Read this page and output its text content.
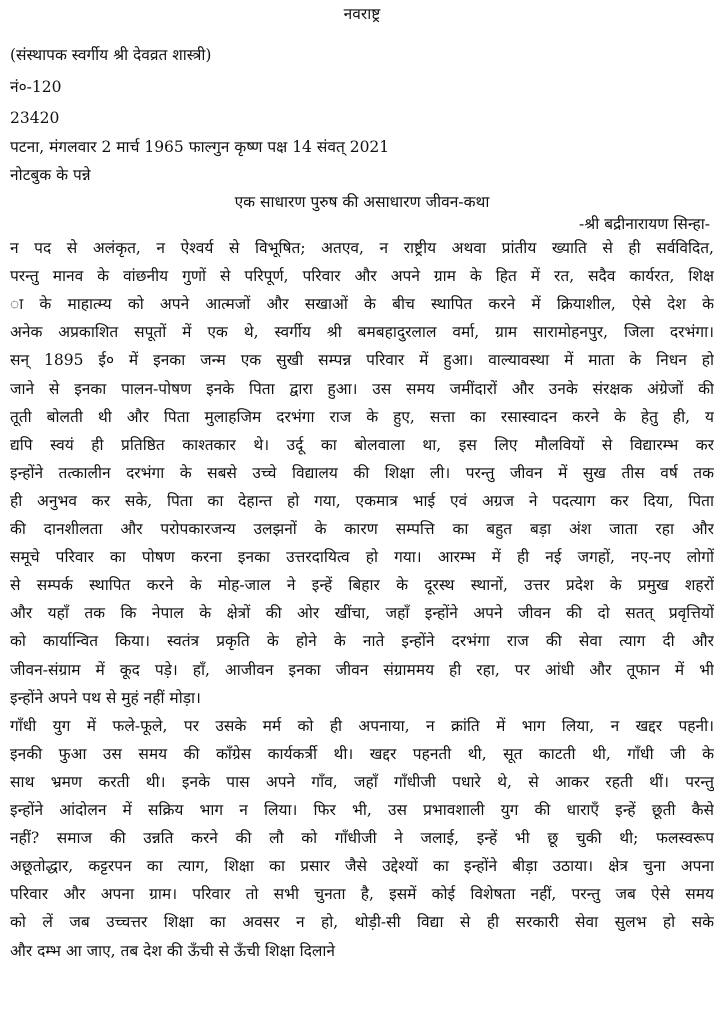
नवराष्ट्र
(संस्थापक स्वर्गीय श्री देवव्रत शास्त्री)
नं०-120
23420
पटना, मंगलवार 2 मार्च 1965 फाल्गुन कृष्ण पक्ष 14 संवत् 2021
नोटबुक के पन्ने
एक साधारण पुरुष की असाधारण जीवन-कथा
-श्री बद्रीनारायण सिन्हा-
न पद से अलंकृत, न ऐश्वर्य से विभूषित; अतएव, न राष्ट्रीय अथवा प्रांतीय ख्याति से ही सर्वविदित,
परन्तु मानव के वांछनीय गुणों से परिपूर्ण, परिवार और अपने ग्राम के हित में रत, सदैव कार्यरत, शिक्ष
ा के माहात्म्य को अपने आत्मजों और सखाओं के बीच स्थापित करने में क्रियाशील, ऐसे देश के
अनेक अप्रकाशित सपूतों में एक थे, स्वर्गीय श्री बमबहादुरलाल वर्मा, ग्राम सारामोहनपुर, जिला दरभंगा।
सन् 1895 ई० में इनका जन्म एक सुखी सम्पन्न परिवार में हुआ। वाल्यावस्था में माता के निधन हो
जाने से इनका पालन-पोषण इनके पिता द्वारा हुआ। उस समय जमींदारों और उनके संरक्षक अंग्रेजों की
तूती बोलती थी और पिता मुलाहजिम दरभंगा राज के हुए, सत्ता का रसास्वादन करने के हेतु ही, य
द्यपि स्वयं ही प्रतिष्ठित काश्तकार थे। उर्दू का बोलवाला था, इस लिए मौलवियों से विद्यारम्भ कर
इन्होंने तत्कालीन दरभंगा के सबसे उच्चे विद्यालय की शिक्षा ली। परन्तु जीवन में सुख तीस वर्ष तक
ही अनुभव कर सके, पिता का देहान्त हो गया, एकमात्र भाई एवं अग्रज ने पदत्याग कर दिया, पिता
की दानशीलता और परोपकारजन्य उलझनों के कारण सम्पत्ति का बहुत बड़ा अंश जाता रहा और
समूचे परिवार का पोषण करना इनका उत्तरदायित्व हो गया। आरम्भ में ही नई जगहों, नए-नए लोगों
से सम्पर्क स्थापित करने के मोह-जाल ने इन्हें बिहार के दूरस्थ स्थानों, उत्तर प्रदेश के प्रमुख शहरों
और यहाँ तक कि नेपाल के क्षेत्रों की ओर खींचा, जहाँ इन्होंने अपने जीवन की दो सतत् प्रवृत्तियों
को कार्यान्वित किया। स्वतंत्र प्रकृति के होने के नाते इन्होंने दरभंगा राज की सेवा त्याग दी और
जीवन-संग्राम में कूद पड़े। हाँ, आजीवन इनका जीवन संग्राममय ही रहा, पर आंधी और तूफान में भी
इन्होंने अपने पथ से मुहं नहीं मोड़ा।
गाँधी युग में फले-फूले, पर उसके मर्म को ही अपनाया, न क्रांति में भाग लिया, न खद्दर पहनी।
इनकी फुआ उस समय की काँग्रेस कार्यकर्त्री थी। खद्दर पहनती थी, सूत काटती थी, गाँधी जी के
साथ भ्रमण करती थी। इनके पास अपने गाँव, जहाँ गाँधीजी पधारे थे, से आकर रहती थीं। परन्तु
इन्होंने आंदोलन में सक्रिय भाग न लिया। फिर भी, उस प्रभावशाली युग की धाराएँ इन्हें छूती कैसे
नहीं? समाज की उन्नति करने की लौ को गाँधीजी ने जलाई, इन्हें भी छू चुकी थी; फलस्वरूप
अछूतोद्धार, कट्टरपन का त्याग, शिक्षा का प्रसार जैसे उद्देश्यों का इन्होंने बीड़ा उठाया। क्षेत्र चुना अपना
परिवार और अपना ग्राम। परिवार तो सभी चुनता है, इसमें कोई विशेषता नहीं, परन्तु जब ऐसे समय
को लें जब उच्चत्तर शिक्षा का अवसर न हो, थोड़ी-सी विद्या से ही सरकारी सेवा सुलभ हो सके
और दम्भ आ जाए, तब देश की ऊँची से ऊँची शिक्षा दिलाने
